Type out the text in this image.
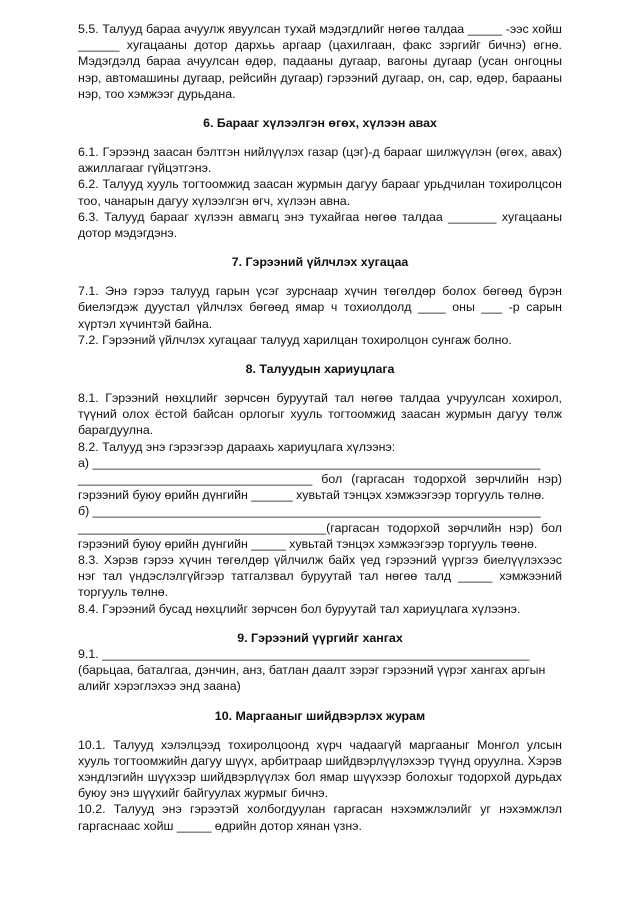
5.5. Талууд бараа ачуулж явуулсан тухай мэдэгдлийг нөгөө талдаа _____ -ээс хойш ______ хугацааны дотор дархьь аргаар (цахилгаан, факс зэргийг бичнэ) өгнө. Мэдэгдэлд бараа ачуулсан өдөр, падааны дугаар, вагоны дугаар (усан онгоцны нэр, автомашины дугаар, рейсийн дугаар) гэрээний дугаар, он, сар, өдөр, барааны нэр, тоо хэмжээг дурьдана.

6. Барааг хүлээлгэн өгөх, хүлээн авах

6.1. Гэрээнд заасан бэлтгэн нийлүүлэх газар (цэг)-д барааг шилжүүлэн (өгөх, авах) ажиллагааг гүйцэтгэнэ.

6.2. Талууд хууль тогтоомжид заасан журмын дагуу барааг урьдчилан тохиролцсон тоо, чанарын дагуу хүлээлгэн өгч, хүлээн авна.

6.3. Талууд барааг хүлээн авмагц энэ тухайгаа нөгөө талдаа _______ хугацааны дотор мэдэгдэнэ.

7. Гэрээний үйлчлэх хугацаа

7.1. Энэ гэрээ талууд гарын үсэг зурснаар хүчин төгөлдөр болох бөгөөд бүрэн биелэгдэж дуустал үйлчлэх бөгөөд ямар ч тохиолдолд ____ оны ___ -р сарын хүртэл хүчинтэй байна.

7.2. Гэрээний үйлчлэх хугацааг талууд харилцан тохиролцон сунгаж болно.

8. Талуудын хариуцлага

8.1. Гэрээний нөхцлийг зөрчсөн буруутай тал нөгөө талдаа учруулсан хохирол, түүний олох ёстой байсан орлогыг хууль тогтоомжид заасан журмын дагуу төлж барагдуулна.

8.2. Талууд энэ гэрээгээр дараахь хариуцлага хүлээнэ:

а) _________________________________________________________________

__________________________________ бол (гаргасан тодорхой зөрчлийн нэр) гэрээний буюу өрийн дүнгийн ______ хувьтай тэнцэх хэмжээгээр торгууль төлнө.

б) _________________________________________________________________

____________________________________(гаргасан тодорхой зөрчлийн нэр) бол гэрээний буюу өрийн дүнгийн _____ хувьтай тэнцэх хэмжээгээр торгууль төөнө.

8.3. Хэрэв гэрээ хүчин төгөлдөр үйлчилж байх үед гэрээний үүргээ биелүүлэхээс нэг тал үндэслэлгүйгээр татгалзвал буруутай тал нөгөө талд _____ хэмжээний торгууль төлнө.

8.4. Гэрээний бусад нөхцлийг зөрчсөн бол буруутай тал хариуцлага хүлээнэ.

9. Гэрээний үүргийг хангах

9.1. ______________________________________________________________

(барьцаа, баталгаа, дэнчин, анз, батлан даалт зэрэг гэрээний үүрэг хангах аргын алийг хэрэглэхээ энд заана)

10. Маргааныг шийдвэрлэх журам

10.1. Талууд хэлэлцээд тохиролцоонд хүрч чадаагүй маргааныг Монгол улсын хууль тогтоомжийн дагуу шүүх, арбитраар шийдвэрлүүлэхээр түүнд оруулна. Хэрэв хэндлэгийн шүүхээр шийдвэрлүүлэх бол ямар шүүхээр болохыг тодорхой дурьдах буюу энэ шүүхийг байгуулах журмыг бичнэ.

10.2. Талууд энэ гэрээтэй холбогдуулан гаргасан нэхэмжлэлийг уг нэхэмжлэл гаргаснаас хойш _____ өдрийн дотор хянан үзнэ.
